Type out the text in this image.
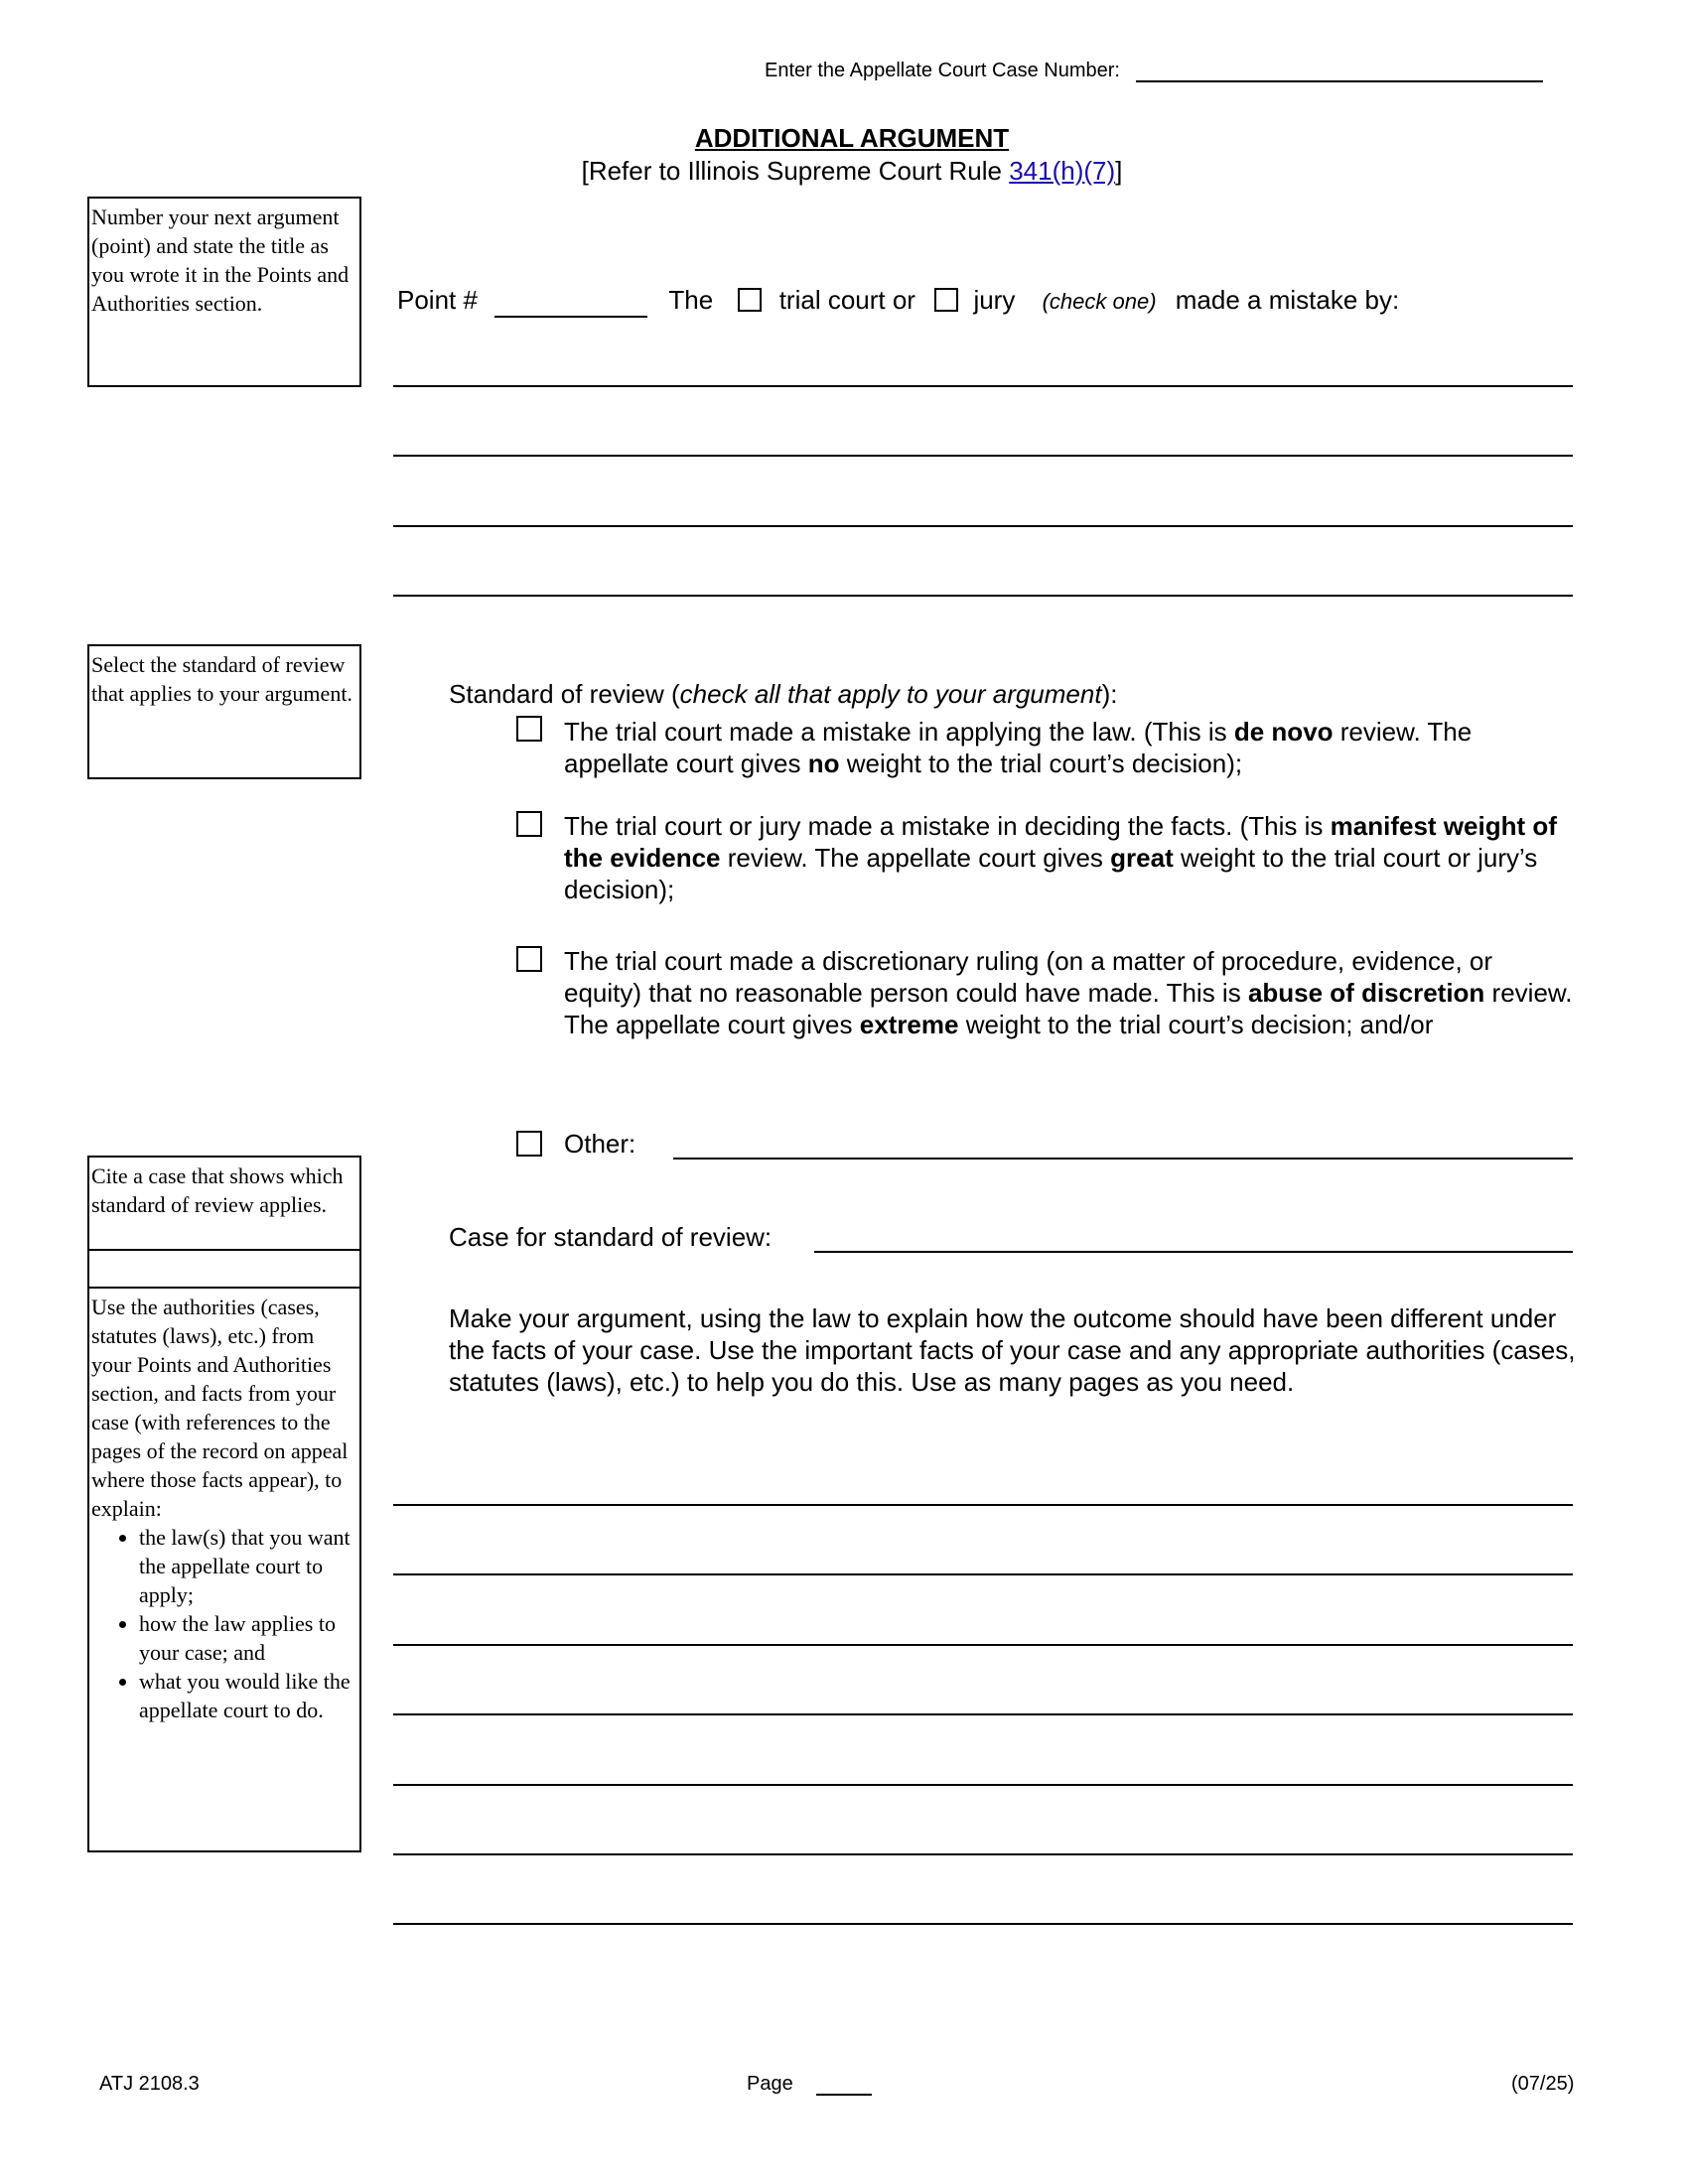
Enter the Appellate Court Case Number:
ADDITIONAL ARGUMENT
[Refer to Illinois Supreme Court Rule 341(h)(7)]
Number your next argument (point) and state the title as you wrote it in the Points and Authorities section.
Select the standard of review that applies to your argument.
Cite a case that shows which standard of review applies.
Use the authorities (cases, statutes (laws), etc.) from your Points and Authorities section, and facts from your case (with references to the pages of the record on appeal where those facts appear), to explain:
• the law(s) that you want the appellate court to apply;
• how the law applies to your case; and
• what you would like the appellate court to do.
Point #	The	trial court or jury (check one) made a mistake by:
Standard of review (check all that apply to your argument):
The trial court made a mistake in applying the law. (This is de novo review. The appellate court gives no weight to the trial court’s decision);
The trial court or jury made a mistake in deciding the facts. (This is manifest weight of the evidence review. The appellate court gives great weight to the trial court or jury’s decision);
The trial court made a discretionary ruling (on a matter of procedure, evidence, or equity) that no reasonable person could have made. This is abuse of discretion review. The appellate court gives extreme weight to the trial court’s decision; and/or
Other:
Case for standard of review:
Make your argument, using the law to explain how the outcome should have been different under the facts of your case. Use the important facts of your case and any appropriate authorities (cases, statutes (laws), etc.) to help you do this. Use as many pages as you need.
ATJ 2108.3	Page	(07/25)
